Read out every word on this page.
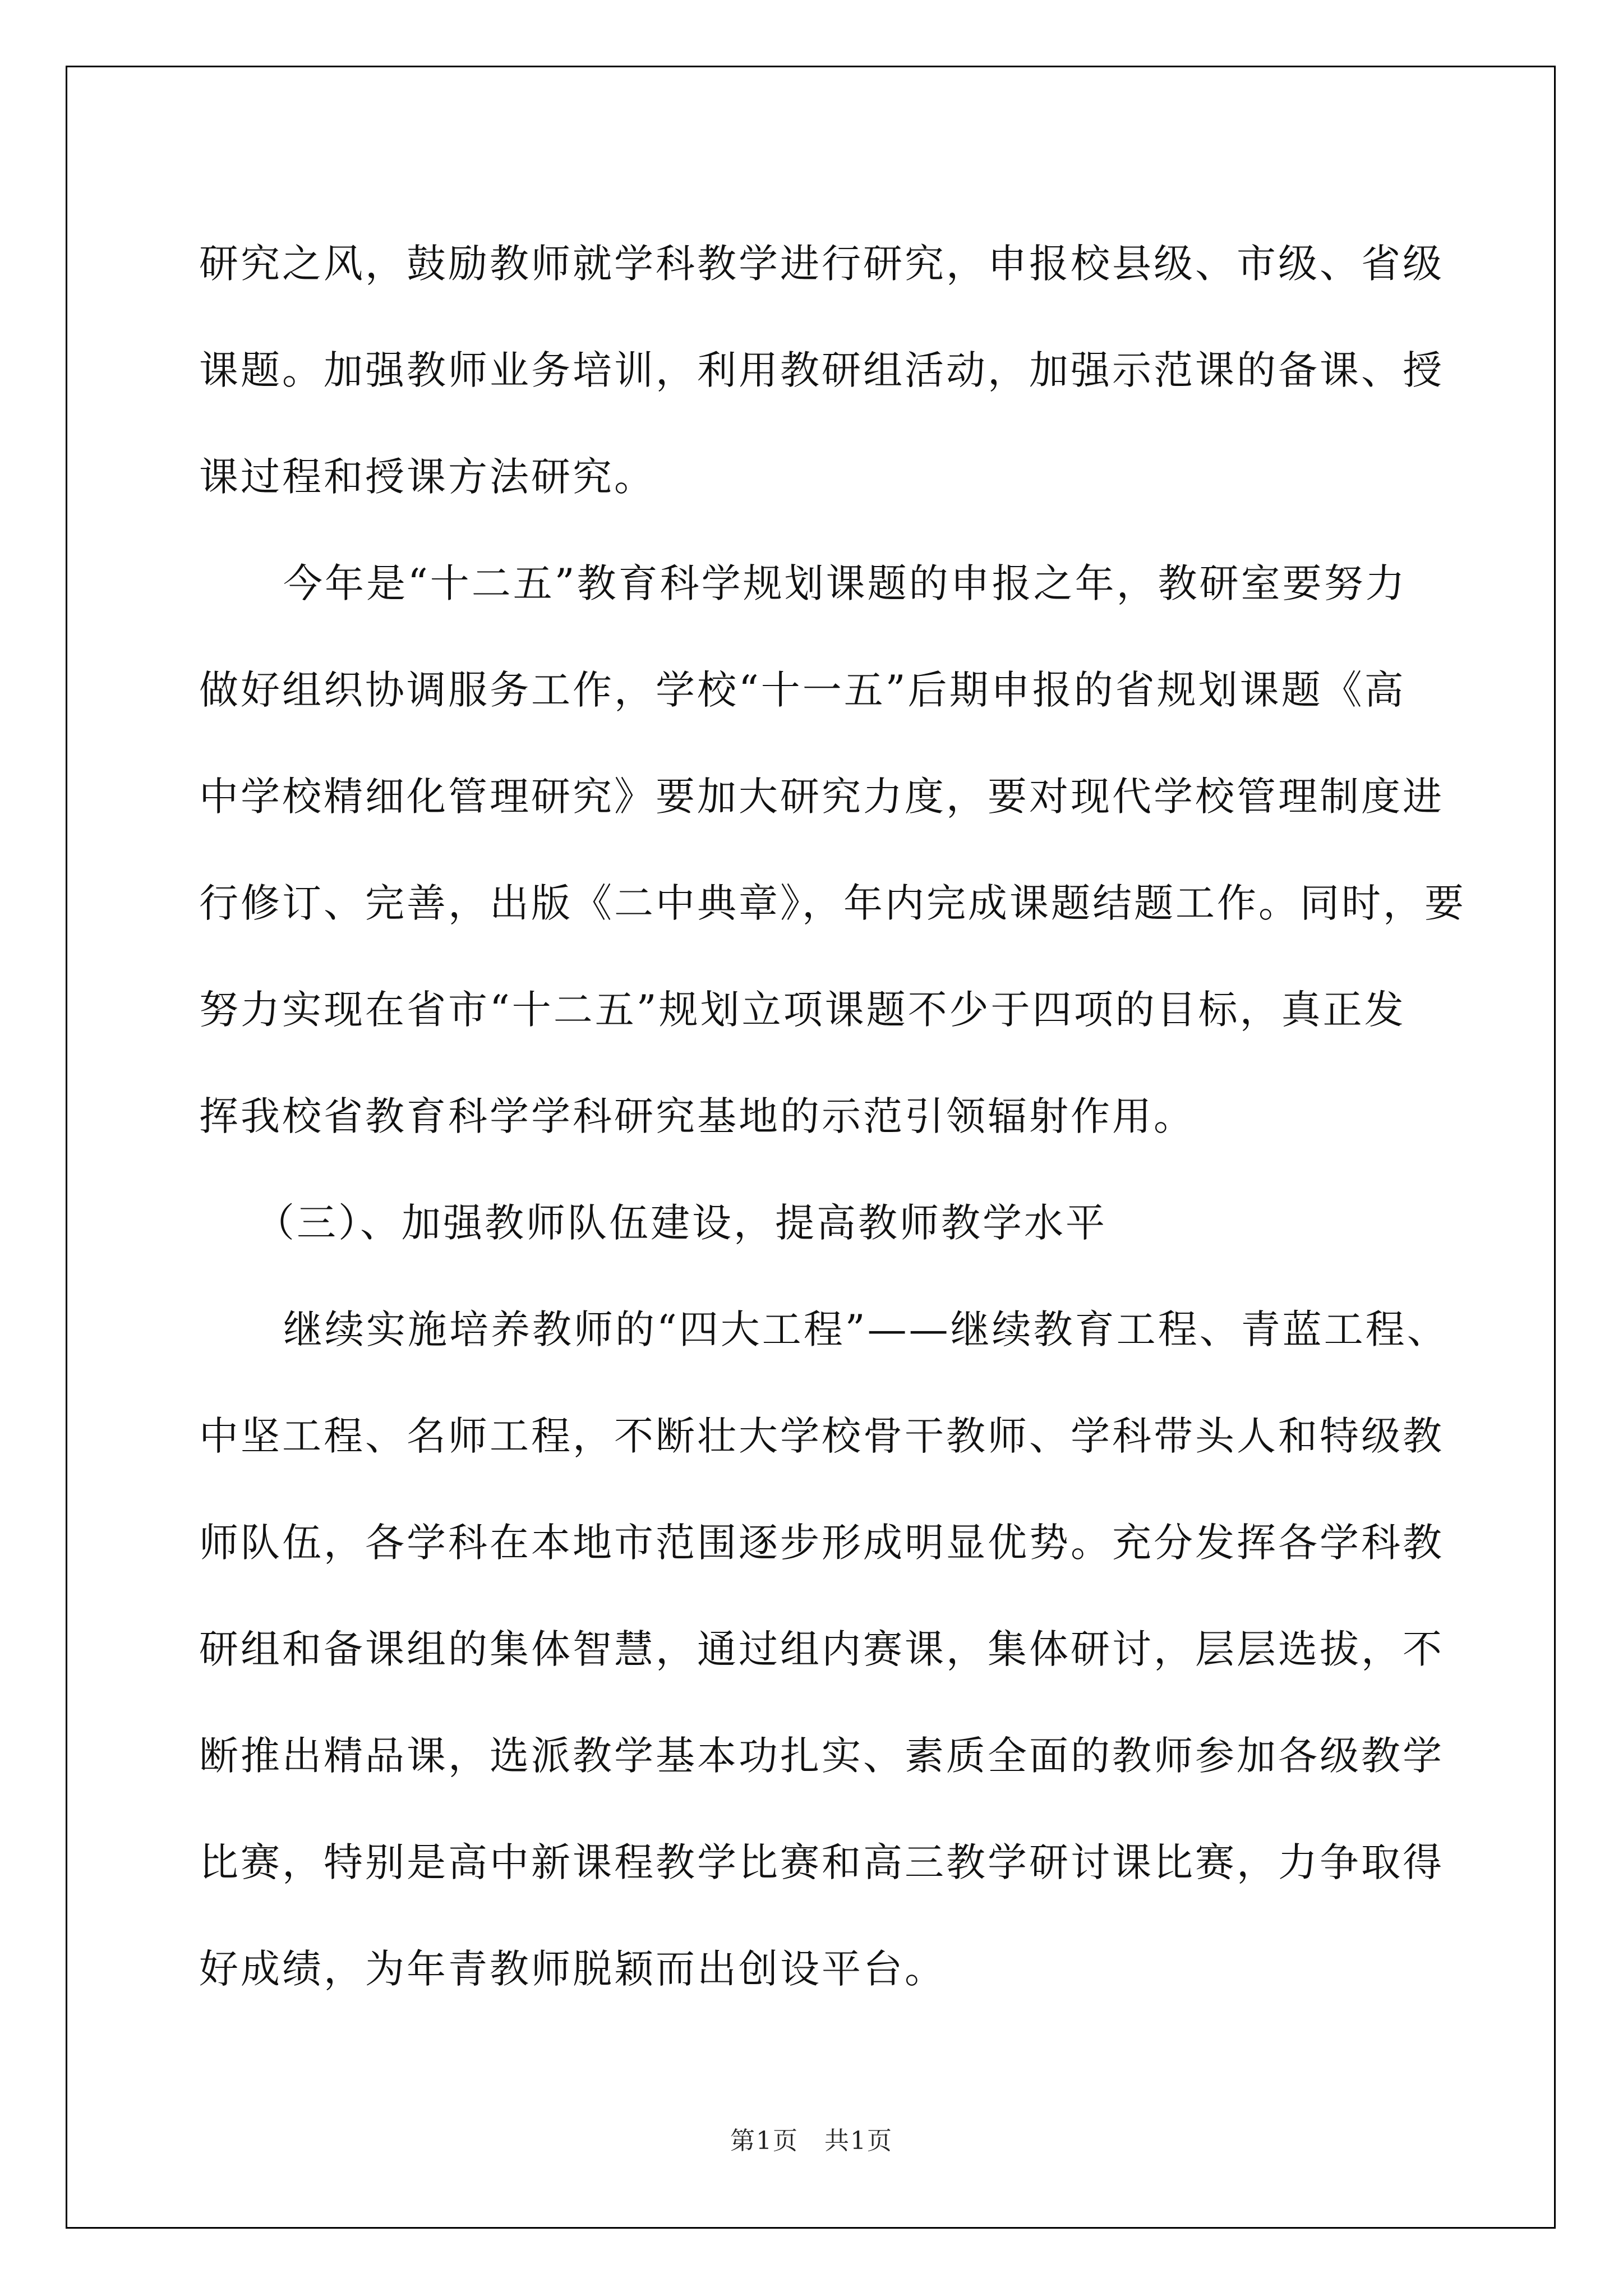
研究之风，鼓励教师就学科教学进行研究，申报校县级、市级、省级
课题。加强教师业务培训，利用教研组活动，加强示范课的备课、授
课过程和授课方法研究。

今年是“十二五”教育科学规划课题的申报之年，教研室要努力
做好组织协调服务工作，学校“十一五”后期申报的省规划课题《高
中学校精细化管理研究》要加大研究力度，要对现代学校管理制度进
行修订、完善，出版《二中典章》，年内完成课题结题工作。同时，要
努力实现在省市“十二五”规划立项课题不少于四项的目标，真正发
挥我校省教育科学学科研究基地的示范引领辐射作用。

（三）、加强教师队伍建设，提高教师教学水平

继续实施培养教师的“四大工程”——继续教育工程、青蓝工程、
中坚工程、名师工程，不断壮大学校骨干教师、学科带头人和特级教
师队伍，各学科在本地市范围逐步形成明显优势。充分发挥各学科教
研组和备课组的集体智慧，通过组内赛课，集体研讨，层层选拔，不
断推出精品课，选派教学基本功扎实、素质全面的教师参加各级教学
比赛，特别是高中新课程教学比赛和高三教学研讨课比赛，力争取得
好成绩，为年青教师脱颖而出创设平台。

第1页　共1页
